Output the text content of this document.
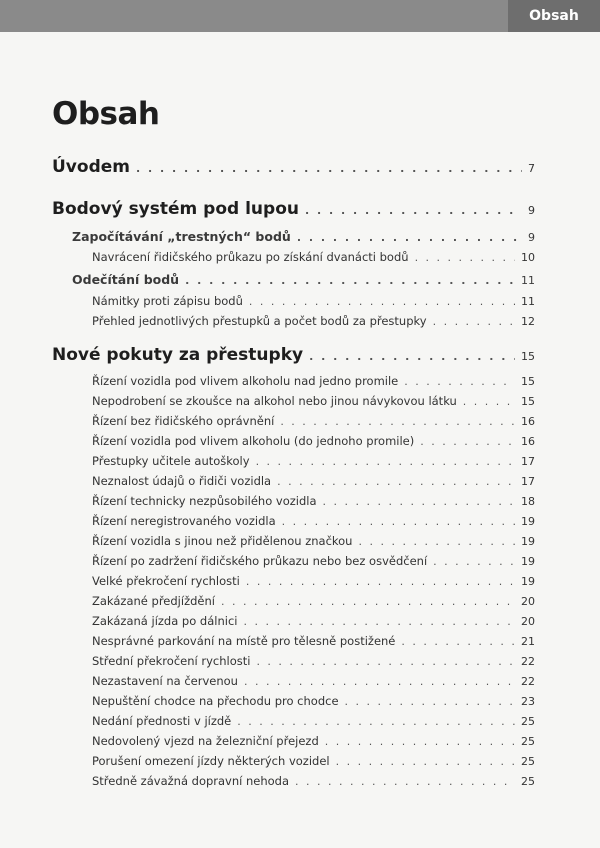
Obsah
Obsah
Úvodem . . .	7
Bodový systém pod lupou . . .	9
Započítávání „trestných“ bodů . . .	9
Navrácení řidičského průkazu po získání dvanácti bodů . . .	10
Odečítání bodů . . .	11
Námitky proti zápisu bodů . . .	11
Přehled jednotlivých přestupků a počet bodů za přestupky . . .	12
Nové pokuty za přestupky . . .	15
Řízení vozidla pod vlivem alkoholu nad jedno promile . . .	15
Nepodrobení se zkoušce na alkohol nebo jinou návykovou látku . . .	15
Řízení bez řidičského oprávnění . . .	16
Řízení vozidla pod vlivem alkoholu (do jednoho promile) . . .	16
Přestupky učitele autoškoly . . .	17
Neznalost údajů o řidiči vozidla . . .	17
Řízení technicky nezpůsobilého vozidla . . .	18
Řízení neregistrovaného vozidla . . .	19
Řízení vozidla s jinou než přidělenou značkou . . .	19
Řízení po zadržení řidičského průkazu nebo bez osvědčení . . .	19
Velké překročení rychlosti . . .	19
Zakázané předjíždění . . .	20
Zakázaná jízda po dálnici . . .	20
Nesprávné parkování na místě pro tělesně postižené . . .	21
Střední překročení rychlosti . . .	22
Nezastavení na červenou . . .	22
Nepuštění chodce na přechodu pro chodce . . .	23
Nedání přednosti v jízdě . . .	25
Nedovolený vjezd na železniční přejezd . . .	25
Porušení omezení jízdy některých vozidel . . .	25
Středně závažná dopravní nehoda . . .	25
